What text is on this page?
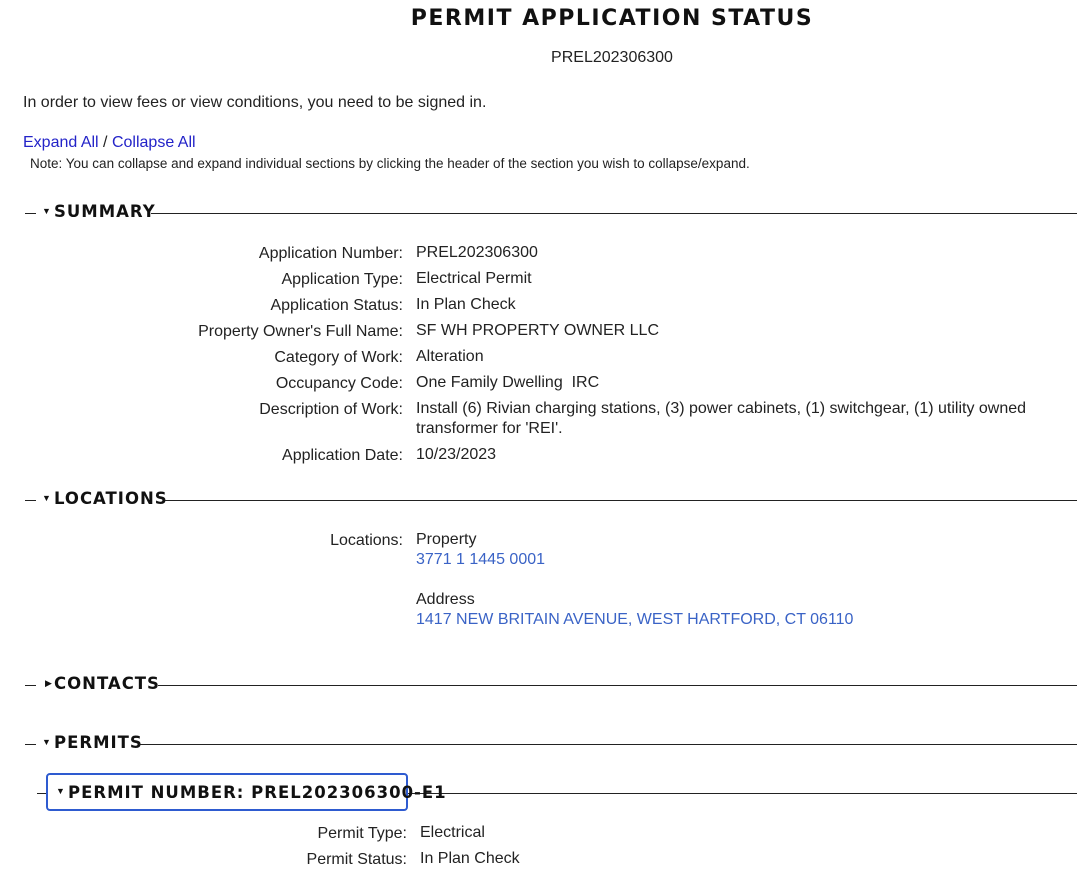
PERMIT APPLICATION STATUS
PREL202306300
In order to view fees or view conditions, you need to be signed in.
Expand All / Collapse All
Note: You can collapse and expand individual sections by clicking the header of the section you wish to collapse/expand.
▼ SUMMARY
Application Number: PREL202306300
Application Type: Electrical Permit
Application Status: In Plan Check
Property Owner's Full Name: SF WH PROPERTY OWNER LLC
Category of Work: Alteration
Occupancy Code: One Family Dwelling  IRC
Description of Work: Install (6) Rivian charging stations, (3) power cabinets, (1) switchgear, (1) utility owned transformer for 'REI'.
Application Date: 10/23/2023
▼ LOCATIONS
Locations: Property
3771 1 1445 0001
Address
1417 NEW BRITAIN AVENUE, WEST HARTFORD, CT 06110
▶ CONTACTS
▼ PERMITS
▼ PERMIT NUMBER: PREL202306300-E1
Permit Type: Electrical
Permit Status: In Plan Check
